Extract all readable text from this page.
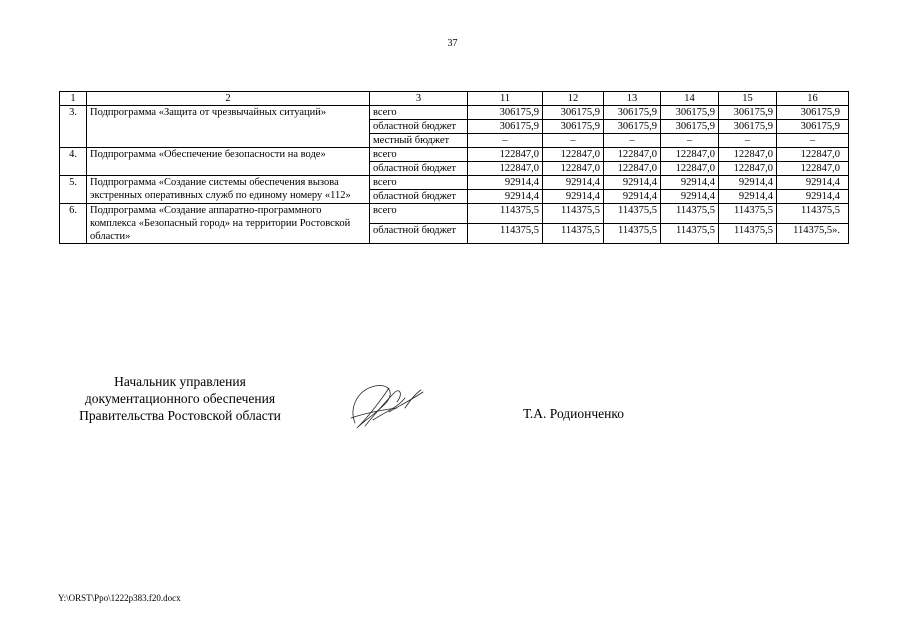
37
1	2	3	11	12	13	14	15	16
3.	Подпрограмма «Защита от чрезвычайных ситуаций»	всего	306175,9	306175,9	306175,9	306175,9	306175,9	306175,9
		областной бюджет	306175,9	306175,9	306175,9	306175,9	306175,9	306175,9
		местный бюджет	–	–	–	–	–	–
4.	Подпрограмма «Обеспечение безопасности на воде»	всего	122847,0	122847,0	122847,0	122847,0	122847,0	122847,0
		областной бюджет	122847,0	122847,0	122847,0	122847,0	122847,0	122847,0
5.	Подпрограмма «Создание системы обеспечения вызова экстренных оперативных служб по единому номеру «112»	всего	92914,4	92914,4	92914,4	92914,4	92914,4	92914,4
		областной бюджет	92914,4	92914,4	92914,4	92914,4	92914,4	92914,4
6.	Подпрограмма «Создание аппаратно-программного комплекса «Безопасный город» на территории Ростовской области»	всего	114375,5	114375,5	114375,5	114375,5	114375,5	114375,5
		областной бюджет	114375,5	114375,5	114375,5	114375,5	114375,5	114375,5».
Начальник управления
документационного обеспечения
Правительства Ростовской области	Т.А. Родионченко
Y:\ORST\Ppo\1222p383.f20.docx
